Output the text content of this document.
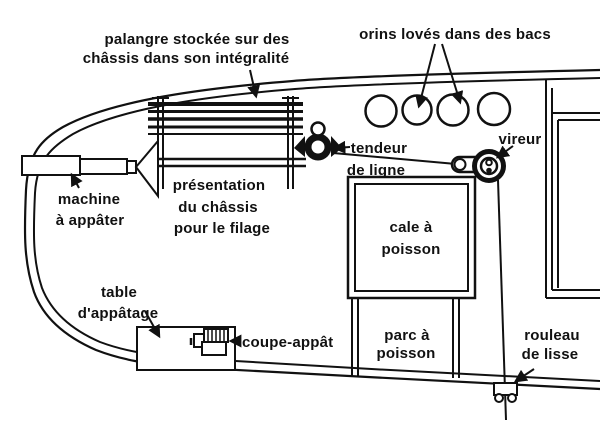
palangre stockée sur des
châssis dans son intégralité
orins lovés dans des bacs
machine
à appâter
présentation
du châssis
pour le filage
tendeur
de ligne
vireur
cale à
poisson
table
d'appâtage
coupe-appât	parc à
poisson
rouleau
de lisse
